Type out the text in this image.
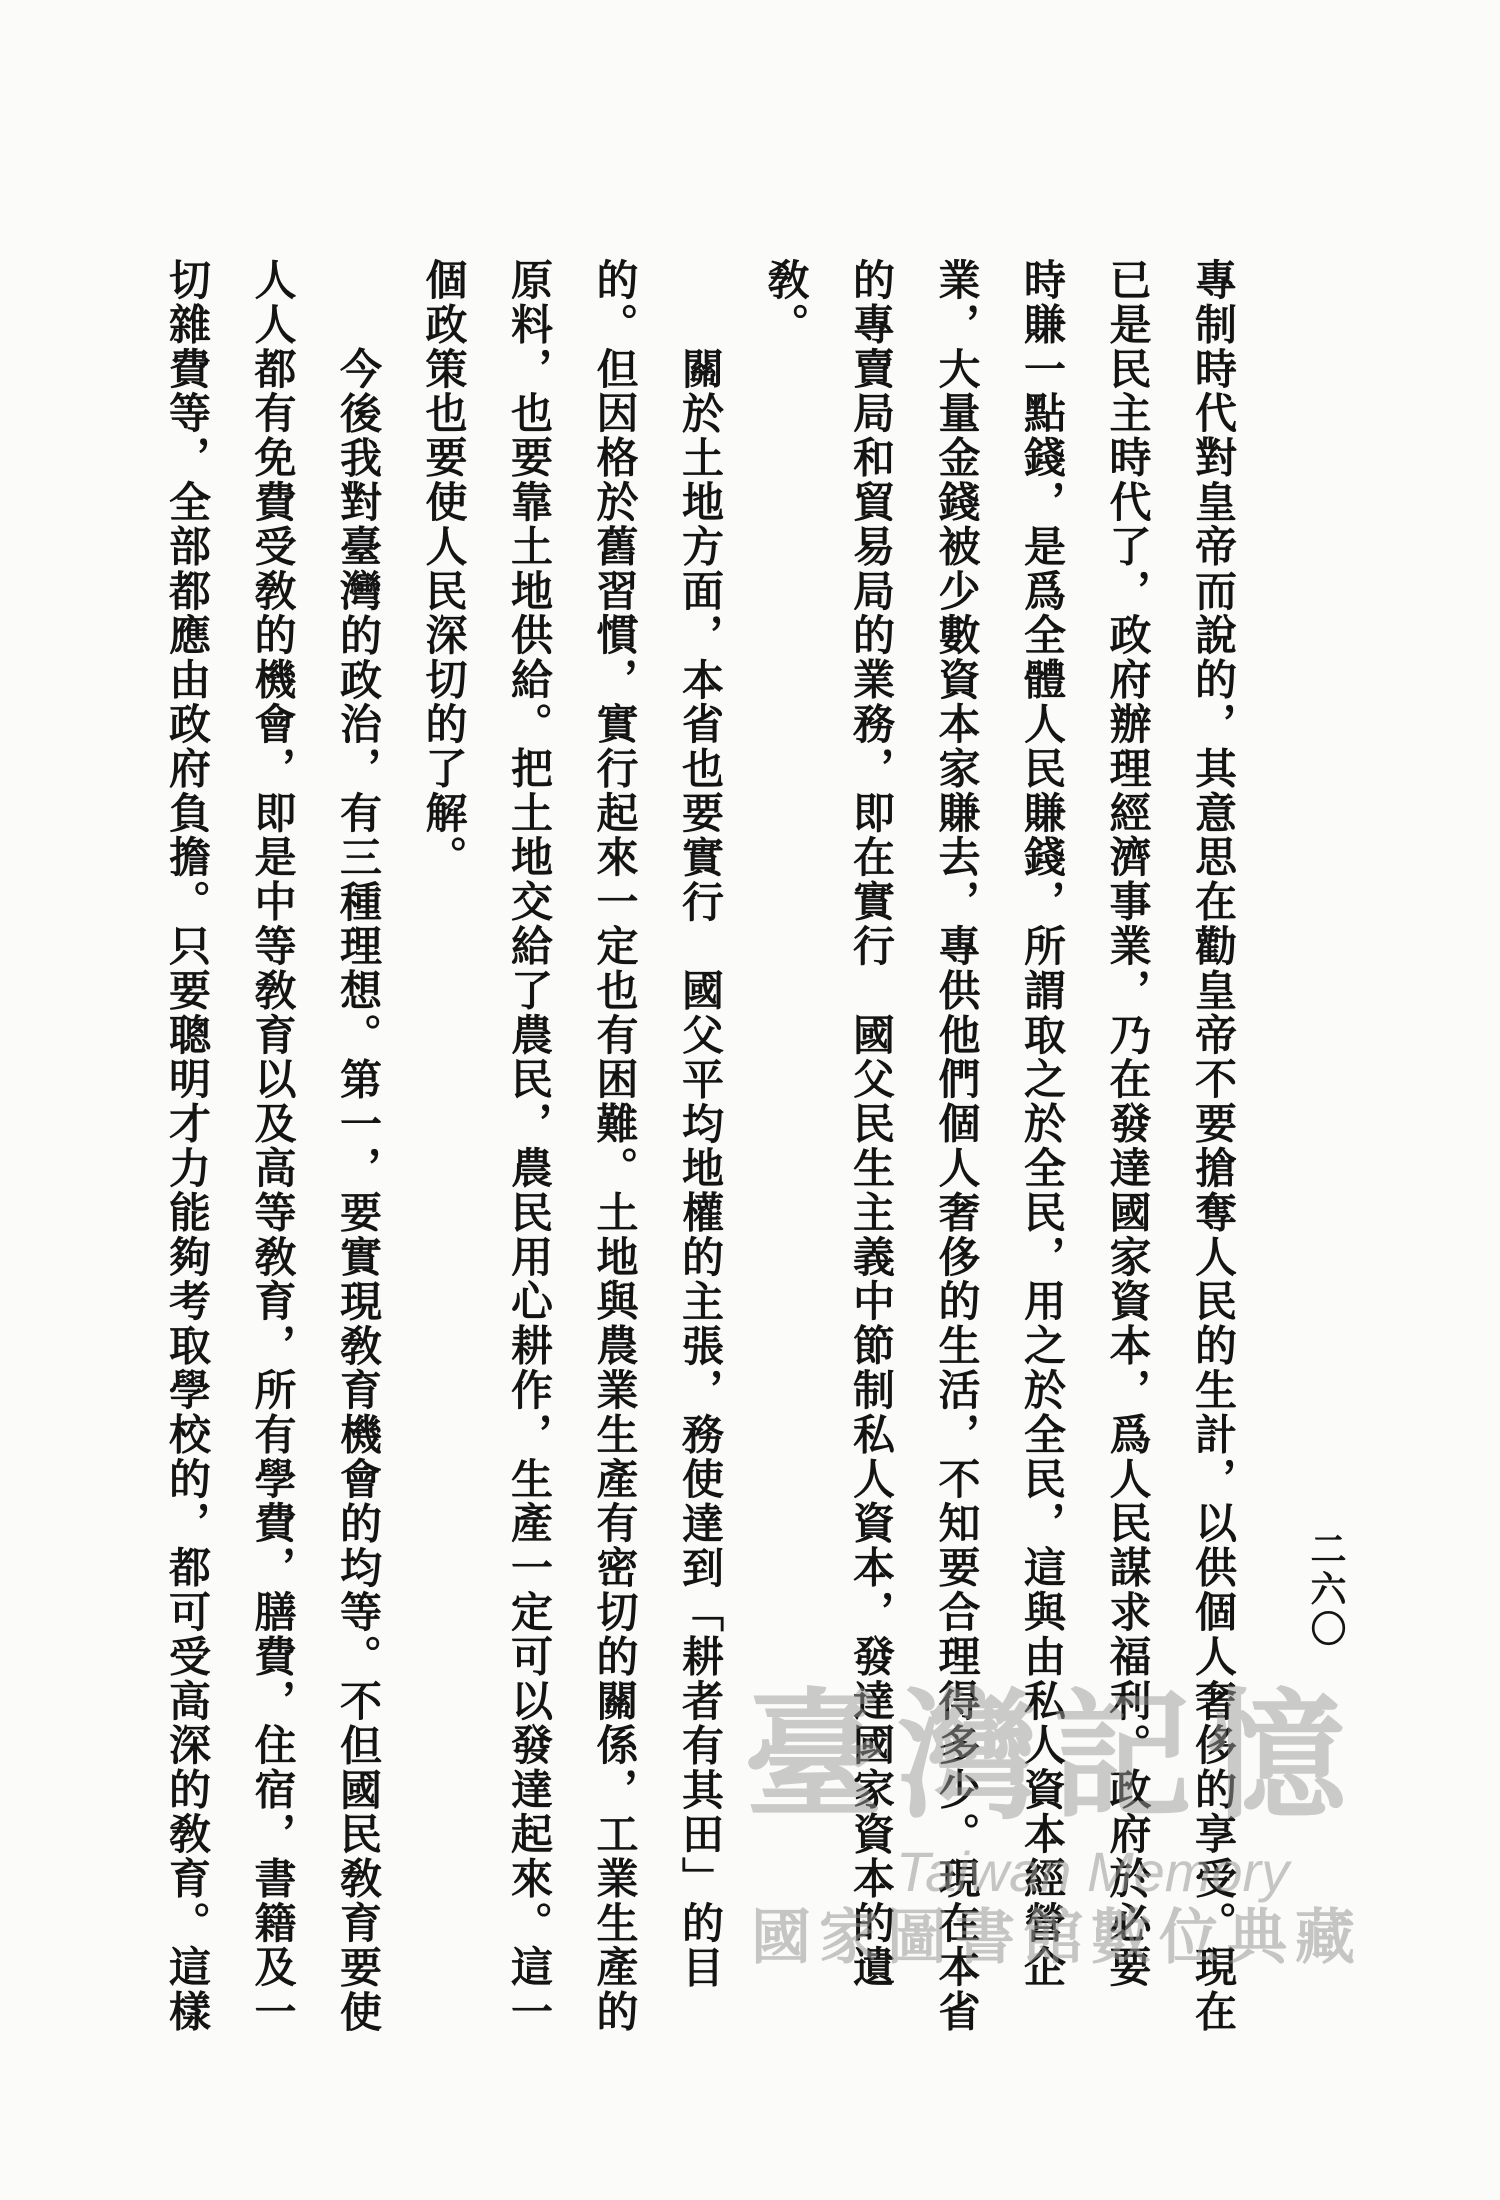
專制時代對皇帝而說的，其意思在勸皇帝不要搶奪人民的生計，以供個人奢侈的享受。現在
已是民主時代了，政府辦理經濟事業，乃在發達國家資本，爲人民謀求福利。政府於必要
時賺一點錢，是爲全體人民賺錢，所謂取之於全民，用之於全民，這與由私人資本經營企
業，大量金錢被少數資本家賺去，專供他們個人奢侈的生活，不知要合理得多少。現在本省
的專賣局和貿易局的業務，即在實行　國父民生主義中節制私人資本，發達國家資本的遺
敎。
關於土地方面，本省也要實行　國父平均地權的主張，務使達到「耕者有其田」的目
的。但因格於舊習慣，實行起來一定也有困難。土地與農業生產有密切的關係，工業生產的
原料，也要靠土地供給。把土地交給了農民，農民用心耕作，生產一定可以發達起來。這一
個政策也要使人民深切的了解。
今後我對臺灣的政治，有三種理想。第一，要實現敎育機會的均等。不但國民敎育要使
人人都有免費受敎的機會，即是中等敎育以及高等敎育，所有學費，膳費，住宿，書籍及一
切雜費等，全部都應由政府負擔。只要聰明才力能夠考取學校的，都可受高深的敎育。這樣	二六〇
臺灣記憶
Taiwan Memory
國家圖書館數位典藏
